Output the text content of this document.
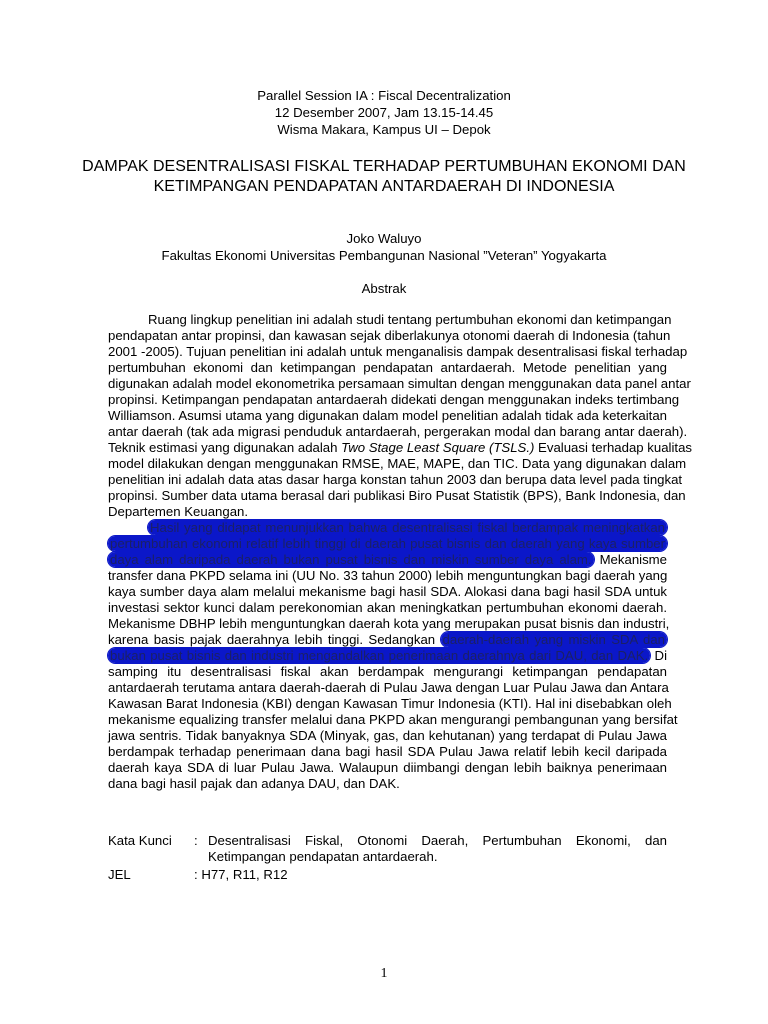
Parallel Session IA : Fiscal Decentralization
12 Desember 2007, Jam 13.15-14.45
Wisma Makara, Kampus UI – Depok
DAMPAK DESENTRALISASI FISKAL TERHADAP PERTUMBUHAN EKONOMI DAN
KETIMPANGAN PENDAPATAN ANTARDAERAH DI INDONESIA
Joko Waluyo
Fakultas Ekonomi Universitas Pembangunan Nasional ”Veteran” Yogyakarta
Abstrak
Ruang lingkup penelitian ini adalah studi tentang pertumbuhan ekonomi dan ketimpangan
pendapatan antar propinsi, dan kawasan sejak diberlakunya otonomi daerah di Indonesia (tahun
2001 -2005). Tujuan penelitian ini adalah untuk menganalisis dampak desentralisasi fiskal terhadap
pertumbuhan ekonomi dan ketimpangan pendapatan antardaerah. Metode penelitian yang
digunakan adalah model ekonometrika persamaan simultan dengan menggunakan data panel antar
propinsi. Ketimpangan pendapatan antardaerah didekati dengan menggunakan indeks tertimbang
Williamson. Asumsi utama yang digunakan dalam model penelitian adalah tidak ada keterkaitan
antar daerah (tak ada migrasi penduduk antardaerah, pergerakan modal dan barang antar daerah).
Teknik estimasi yang digunakan adalah Two Stage Least Square (TSLS.) Evaluasi terhadap kualitas
model dilakukan dengan menggunakan RMSE, MAE, MAPE, dan TIC. Data yang digunakan dalam
penelitian ini adalah data atas dasar harga konstan tahun 2003 dan berupa data level pada tingkat
propinsi. Sumber data utama berasal dari publikasi Biro Pusat Statistik (BPS), Bank Indonesia, dan
Departemen Keuangan.
Hasil yang didapat menunjukkan bahwa desentralisasi fiskal berdampak meningkatkan
pertumbuhan ekonomi relatif lebih tinggi di daerah pusat bisnis dan daerah yang kaya sumber
daya alam daripada daerah bukan pusat bisnis dan miskin sumber daya alam. Mekanisme
transfer dana PKPD selama ini (UU No. 33 tahun 2000) lebih menguntungkan bagi daerah yang
kaya sumber daya alam melalui mekanisme bagi hasil SDA. Alokasi dana bagi hasil SDA untuk
investasi sektor kunci dalam perekonomian akan meningkatkan pertumbuhan ekonomi daerah.
Mekanisme DBHP lebih menguntungkan daerah kota yang merupakan pusat bisnis dan industri,
karena basis pajak daerahnya lebih tinggi. Sedangkan daerah-daerah yang miskin SDA dan
bukan pusat bisnis dan industri mengandalkan penerimaan daerahnya dari DAU, dan DAK. Di
samping itu desentralisasi fiskal akan berdampak mengurangi ketimpangan pendapatan
antardaerah terutama antara daerah-daerah di Pulau Jawa dengan Luar Pulau Jawa dan Antara
Kawasan Barat Indonesia (KBI) dengan Kawasan Timur Indonesia (KTI). Hal ini disebabkan oleh
mekanisme equalizing transfer melalui dana PKPD akan mengurangi pembangunan yang bersifat
jawa sentris. Tidak banyaknya SDA (Minyak, gas, dan kehutanan) yang terdapat di Pulau Jawa
berdampak terhadap penerimaan dana bagi hasil SDA Pulau Jawa relatif lebih kecil daripada
daerah kaya SDA di luar Pulau Jawa. Walaupun diimbangi dengan lebih baiknya penerimaan
dana bagi hasil pajak dan adanya DAU, dan DAK.
Kata Kunci	: Desentralisasi Fiskal, Otonomi Daerah, Pertumbuhan Ekonomi, dan
Ketimpangan pendapatan antardaerah.
JEL	: H77, R11, R12
1
